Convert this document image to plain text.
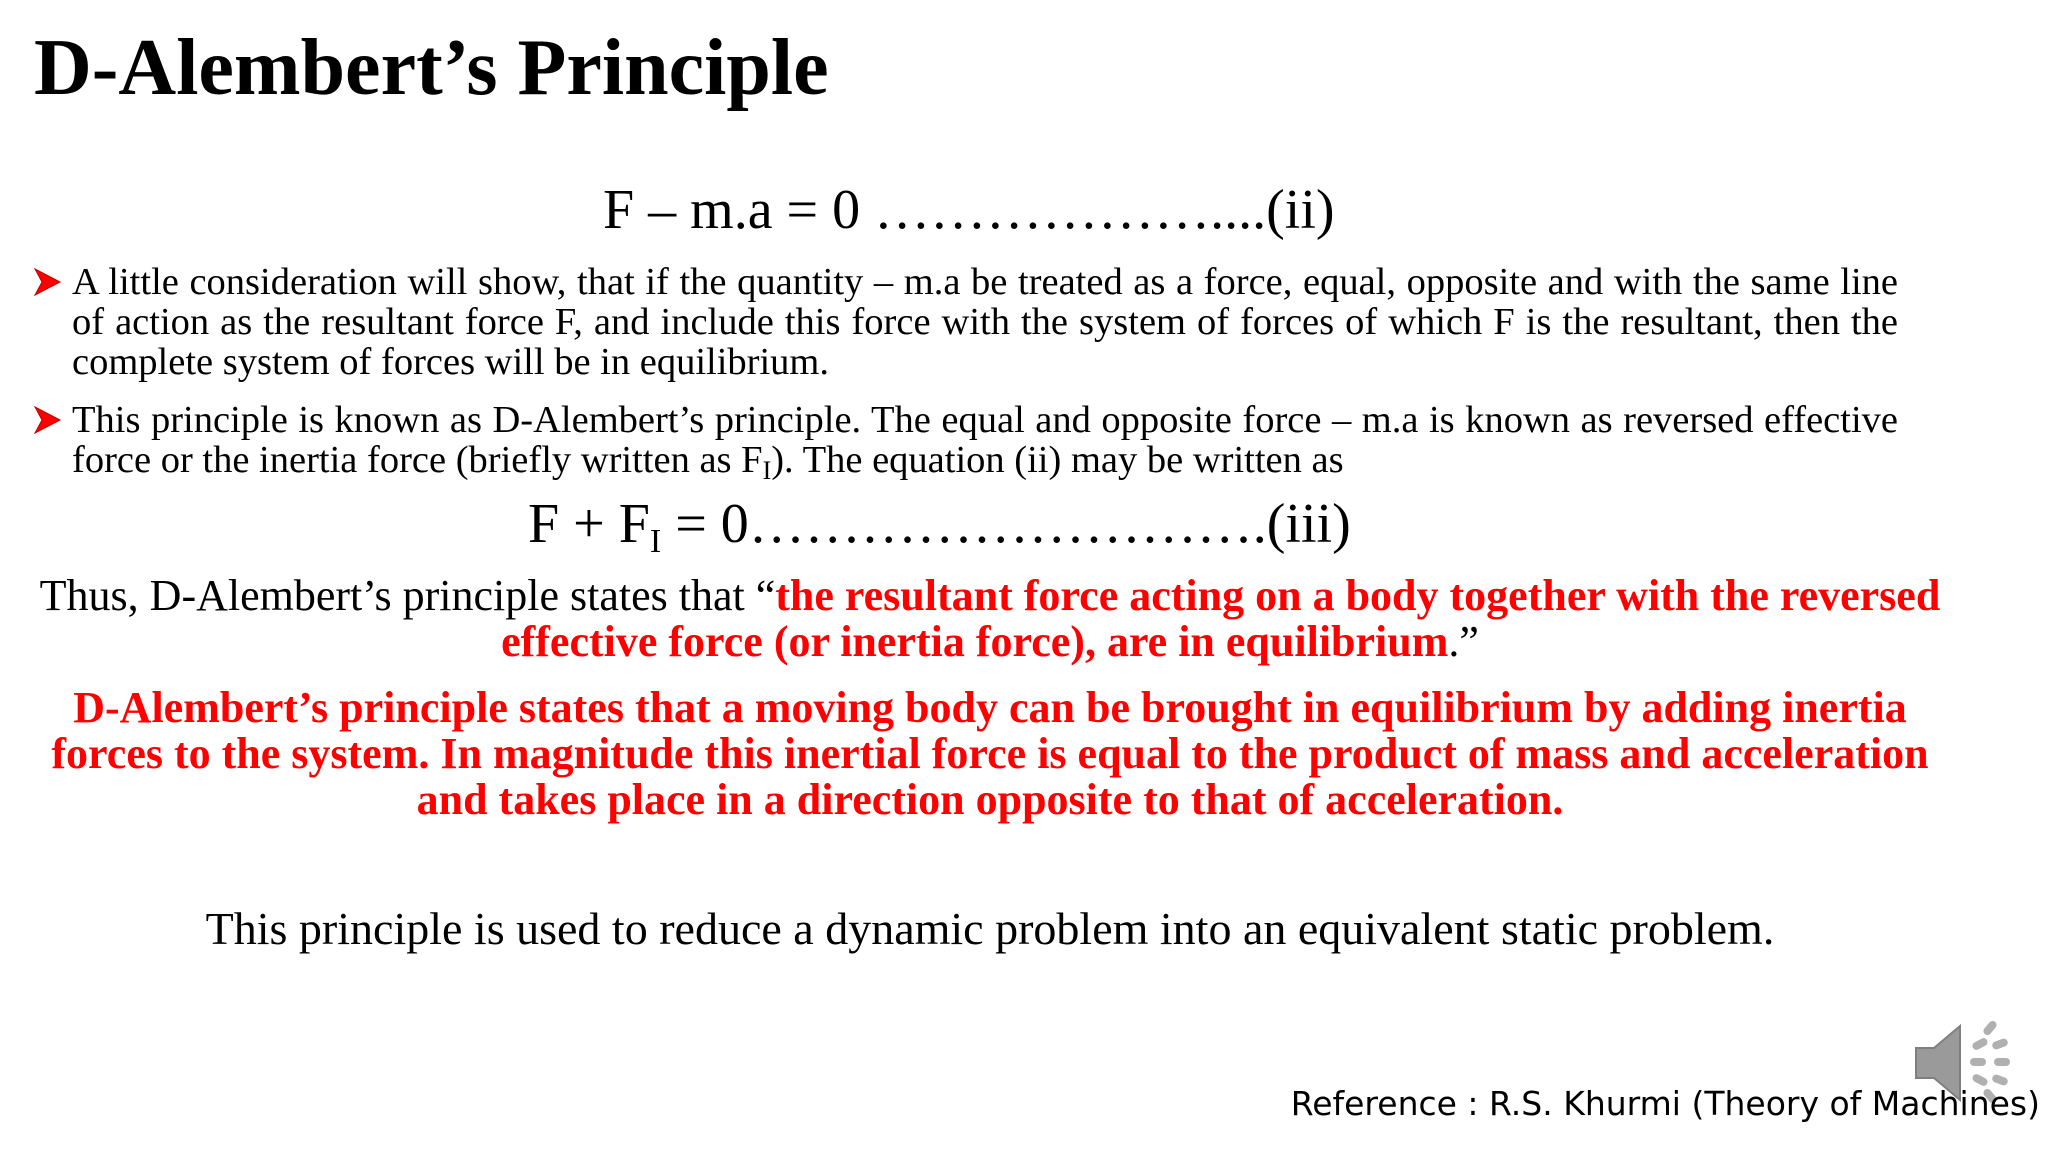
D-Alembert’s Principle
F – m.a = 0 ………………....(ii)
A little consideration will show, that if the quantity – m.a be treated as a force, equal, opposite and with the same line of action as the resultant force F, and include this force with the system of forces of which F is the resultant, then the complete system of forces will be in equilibrium.
This principle is known as D-Alembert’s principle. The equal and opposite force – m.a is known as reversed effective force or the inertia force (briefly written as $F_I$). The equation (ii) may be written as
$F + F_I$ = 0……………………….(iii)
Thus, D-Alembert’s principle states that “the resultant force acting on a body together with the reversed effective force (or inertia force), are in equilibrium.”
D-Alembert’s principle states that a moving body can be brought in equilibrium by adding inertia forces to the system. In magnitude this inertial force is equal to the product of mass and acceleration and takes place in a direction opposite to that of acceleration.
This principle is used to reduce a dynamic problem into an equivalent static problem.
Reference : R.S. Khurmi (Theory of Machines)
